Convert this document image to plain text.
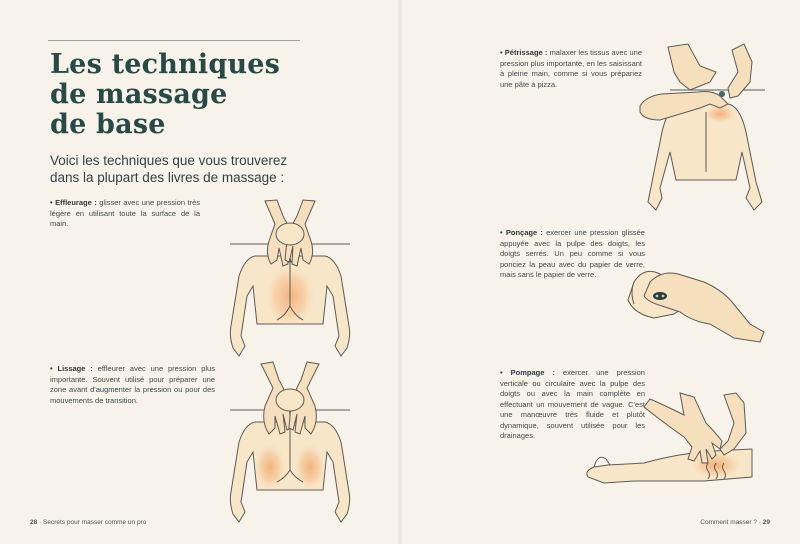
Les techniques
de massage
de base
Voici les techniques que vous trouverez dans la plupart des livres de massage :
• Effleurage : glisser avec une pression très légère en utilisant toute la surface de la main.
• Lissage : effleurer avec une pression plus importante. Souvent utilisé pour préparer une zone avant d'augmenter la pression ou pour des mouvements de transition.
28 · Secrets pour masser comme un pro
• Pétrissage : malaxer les tissus avec une pression plus importante, en les saisissant à pleine main, comme si vous prépariez une pâte à pizza.
• Ponçage : exercer une pression glissée appuyée avec la pulpe des doigts, les doigts serrés. Un peu comme si vous ponciez la peau avec du papier de verre, mais sans le papier de verre.
• Pompage : exercer une pression verticale ou circulaire avec la pulpe des doigts ou avec la main complète en effectuant un mouvement de vague. C'est une manœuvre très fluide et plutôt dynamique, souvent utilisée pour les drainages.
Comment masser ? · 29
